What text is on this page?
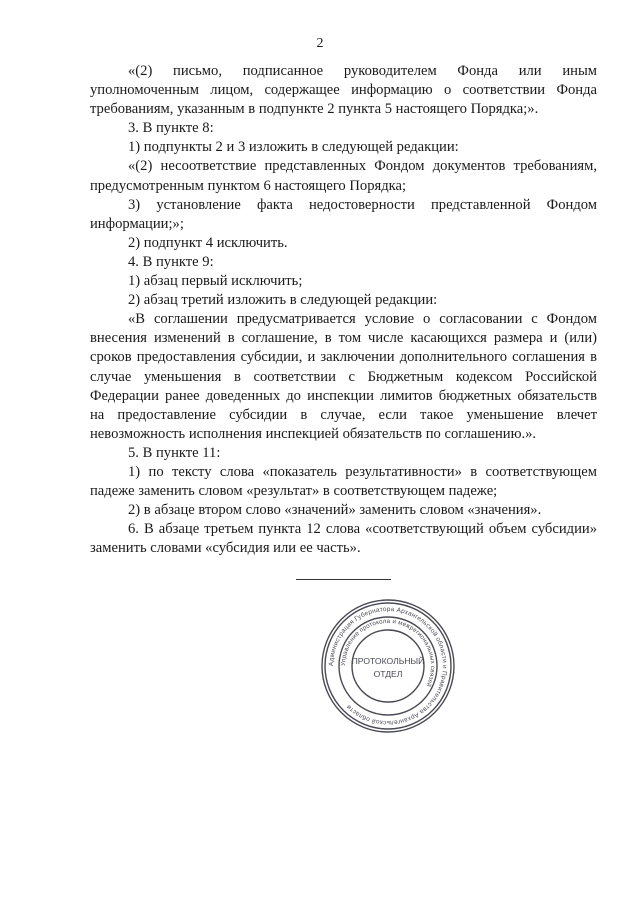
2

«(2) письмо, подписанное руководителем Фонда или иным уполномоченным лицом, содержащее информацию о соответствии Фонда требованиям, указанным в подпункте 2 пункта 5 настоящего Порядка;».

3. В пункте 8:

1) подпункты 2 и 3 изложить в следующей редакции:

«(2) несоответствие представленных Фондом документов требованиям, предусмотренным пунктом 6 настоящего Порядка;

3) установление факта недостоверности представленной Фондом информации;»;

2) подпункт 4 исключить.

4. В пункте 9:

1) абзац первый исключить;

2) абзац третий изложить в следующей редакции:

«В соглашении предусматривается условие о согласовании с Фондом внесения изменений в соглашение, в том числе касающихся размера и (или) сроков предоставления субсидии, и заключении дополнительного соглашения в случае уменьшения в соответствии с Бюджетным кодексом Российской Федерации ранее доведенных до инспекции лимитов бюджетных обязательств на предоставление субсидии в случае, если такое уменьшение влечет невозможность исполнения инспекцией обязательств по соглашению.».

5. В пункте 11:

1) по тексту слова «показатель результативности» в соответствующем падеже заменить словом «результат» в соответствующем падеже;

2) в абзаце втором слово «значений» заменить словом «значения».

6. В абзаце третьем пункта 12 слова «соответствующий объем субсидии» заменить словами «субсидия или ее часть».

Администрация Губернатора Архангельской области и Правительства Архангельской области
Управление протокола и межрегиональных связей
ПРОТОКОЛЬНЫЙ
ОТДЕЛ
